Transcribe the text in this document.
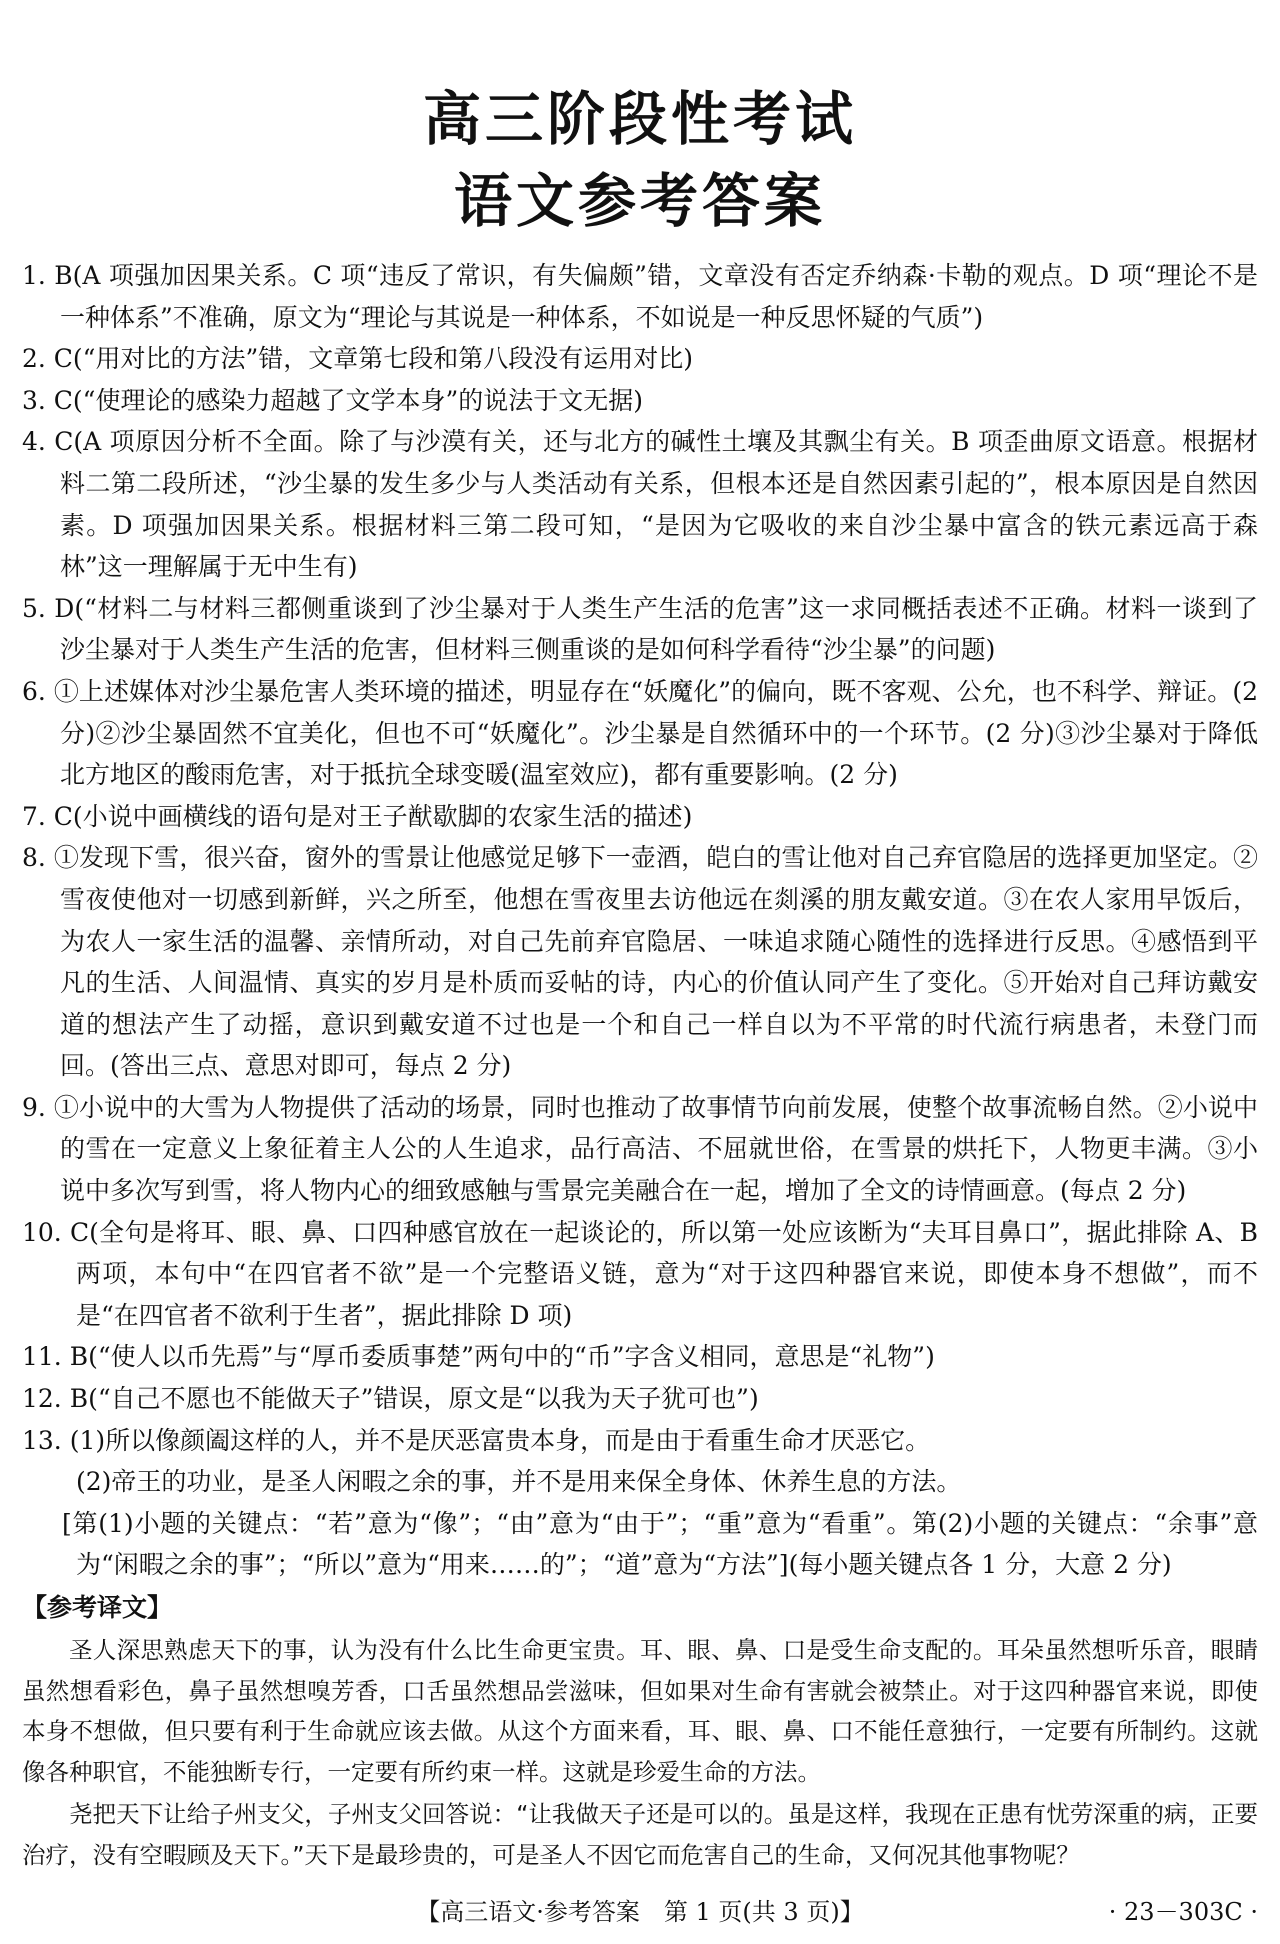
高三阶段性考试
语文参考答案

1. B(A 项强加因果关系。C 项“违反了常识，有失偏颇”错，文章没有否定乔纳森·卡勒的观点。D 项“理论不是一种体系”不准确，原文为“理论与其说是一种体系，不如说是一种反思怀疑的气质”)

2. C(“用对比的方法”错，文章第七段和第八段没有运用对比)

3. C(“使理论的感染力超越了文学本身”的说法于文无据)

4. C(A 项原因分析不全面。除了与沙漠有关，还与北方的碱性土壤及其飘尘有关。B 项歪曲原文语意。根据材料二第二段所述，“沙尘暴的发生多少与人类活动有关系，但根本还是自然因素引起的”，根本原因是自然因素。D 项强加因果关系。根据材料三第二段可知，“是因为它吸收的来自沙尘暴中富含的铁元素远高于森林”这一理解属于无中生有)

5. D(“材料二与材料三都侧重谈到了沙尘暴对于人类生产生活的危害”这一求同概括表述不正确。材料一谈到了沙尘暴对于人类生产生活的危害，但材料三侧重谈的是如何科学看待“沙尘暴”的问题)

6. ①上述媒体对沙尘暴危害人类环境的描述，明显存在“妖魔化”的偏向，既不客观、公允，也不科学、辩证。(2分)②沙尘暴固然不宜美化，但也不可“妖魔化”。沙尘暴是自然循环中的一个环节。(2 分)③沙尘暴对于降低北方地区的酸雨危害，对于抵抗全球变暖(温室效应)，都有重要影响。(2 分)

7. C(小说中画横线的语句是对王子猷歇脚的农家生活的描述)

8. ①发现下雪，很兴奋，窗外的雪景让他感觉足够下一壶酒，皑白的雪让他对自己弃官隐居的选择更加坚定。②雪夜使他对一切感到新鲜，兴之所至，他想在雪夜里去访他远在剡溪的朋友戴安道。③在农人家用早饭后，为农人一家生活的温馨、亲情所动，对自己先前弃官隐居、一味追求随心随性的选择进行反思。④感悟到平凡的生活、人间温情、真实的岁月是朴质而妥帖的诗，内心的价值认同产生了变化。⑤开始对自己拜访戴安道的想法产生了动摇，意识到戴安道不过也是一个和自己一样自以为不平常的时代流行病患者，未登门而回。(答出三点、意思对即可，每点 2 分)

9. ①小说中的大雪为人物提供了活动的场景，同时也推动了故事情节向前发展，使整个故事流畅自然。②小说中的雪在一定意义上象征着主人公的人生追求，品行高洁、不屈就世俗，在雪景的烘托下，人物更丰满。③小说中多次写到雪，将人物内心的细致感触与雪景完美融合在一起，增加了全文的诗情画意。(每点 2 分)

10. C(全句是将耳、眼、鼻、口四种感官放在一起谈论的，所以第一处应该断为“夫耳目鼻口”，据此排除 A、B 两项，本句中“在四官者不欲”是一个完整语义链，意为“对于这四种器官来说，即使本身不想做”，而不是“在四官者不欲利于生者”，据此排除 D 项)

11. B(“使人以币先焉”与“厚币委质事楚”两句中的“币”字含义相同，意思是“礼物”)

12. B(“自己不愿也不能做天子”错误，原文是“以我为天子犹可也”)

13. (1)所以像颜阖这样的人，并不是厌恶富贵本身，而是由于看重生命才厌恶它。

(2)帝王的功业，是圣人闲暇之余的事，并不是用来保全身体、休养生息的方法。

[第(1)小题的关键点：“若”意为“像”；“由”意为“由于”；“重”意为“看重”。第(2)小题的关键点：“余事”意为“闲暇之余的事”；“所以”意为“用来……的”；“道”意为“方法”](每小题关键点各 1 分，大意 2 分)

【参考译文】

圣人深思熟虑天下的事，认为没有什么比生命更宝贵。耳、眼、鼻、口是受生命支配的。耳朵虽然想听乐音，眼睛虽然想看彩色，鼻子虽然想嗅芳香，口舌虽然想品尝滋味，但如果对生命有害就会被禁止。对于这四种器官来说，即使本身不想做，但只要有利于生命就应该去做。从这个方面来看，耳、眼、鼻、口不能任意独行，一定要有所制约。这就像各种职官，不能独断专行，一定要有所约束一样。这就是珍爱生命的方法。

尧把天下让给子州支父，子州支父回答说：“让我做天子还是可以的。虽是这样，我现在正患有忧劳深重的病，正要治疗，没有空暇顾及天下。”天下是最珍贵的，可是圣人不因它而危害自己的生命，又何况其他事物呢？

【高三语文·参考答案　第 1 页(共 3 页)】	· 23－303C ·
